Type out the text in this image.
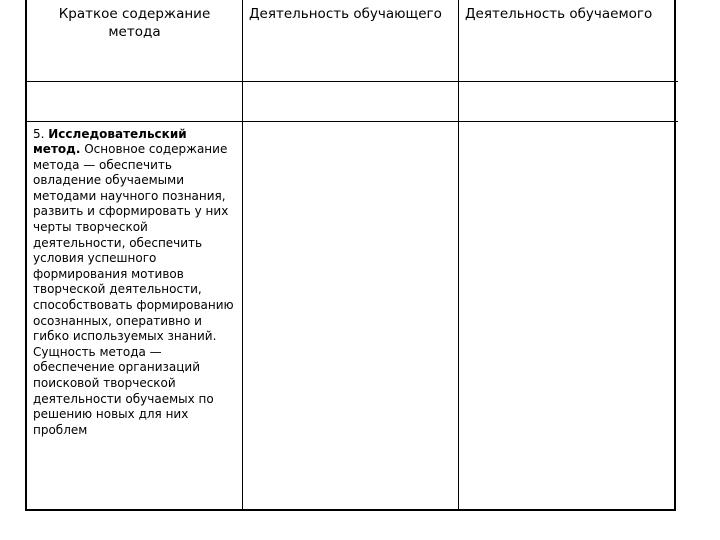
Краткое содержание метода	Деятельность обучающего	Деятельность обучаемого

5. Исследовательский метод. Основное содержание метода — обеспечить овладение обучаемыми методами научного познания, развить и сформировать у них черты творческой деятельности, обеспечить условия успешного формирования мотивов творческой деятельности, способствовать формированию осознанных, оперативно и гибко используемых знаний. Сущность метода — обеспечение организаций поисковой творческой деятельности обучаемых по решению новых для них проблем		
